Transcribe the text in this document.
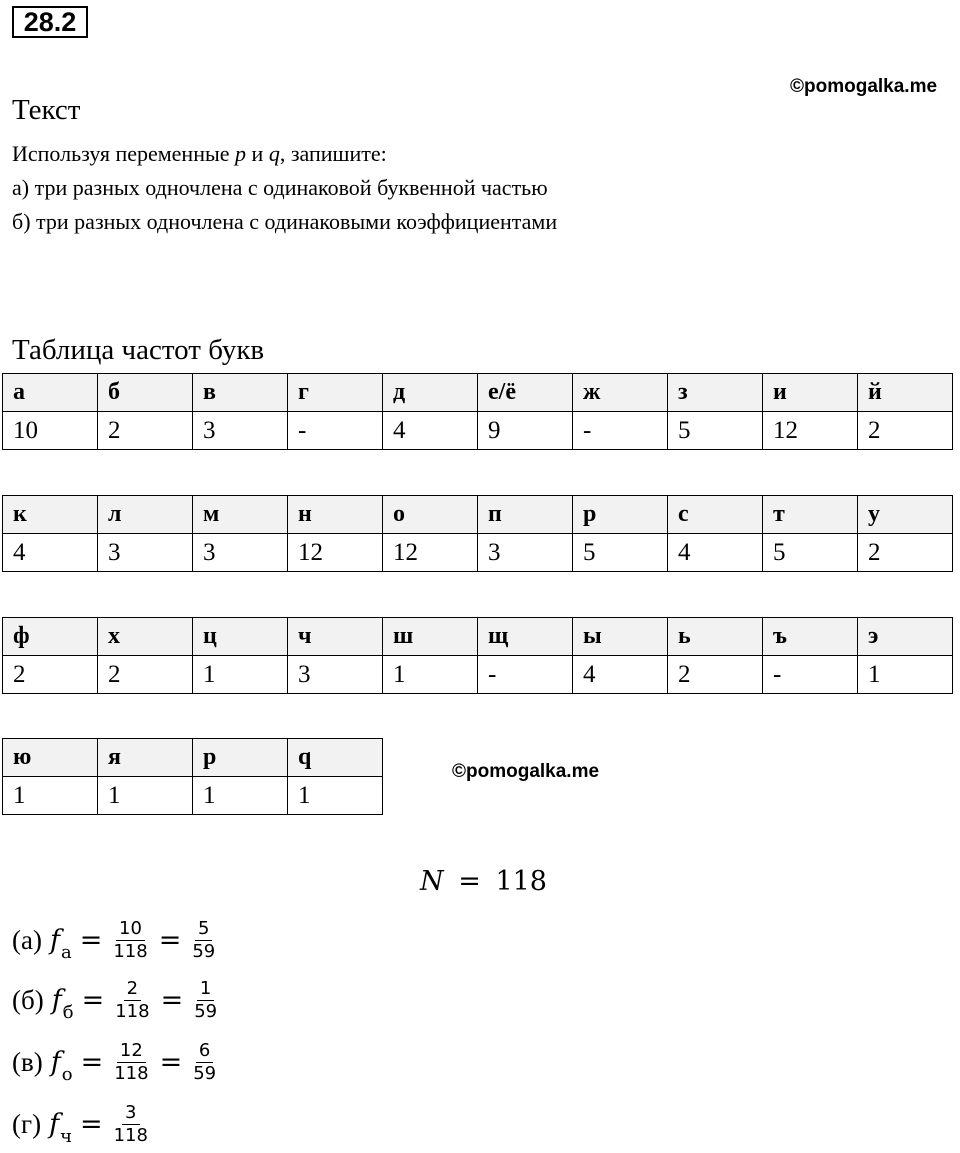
28.2
©pomogalka.me
Текст
Используя переменные p и q, запишите:
а) три разных одночлена с одинаковой буквенной частью
б) три разных одночлена с одинаковыми коэффициентами
Таблица частот букв
а	б	в	г	д	е/ё	ж	з	и	й
10	2	3	-	4	9	-	5	12	2
к	л	м	н	о	п	р	с	т	у
4	3	3	12	12	3	5	4	5	2
ф	х	ц	ч	ш	щ	ы	ь	ъ	э
2	2	1	3	1	-	4	2	-	1
ю	я	p	q
1	1	1	1
©pomogalka.me
N = 118
(а) $f_а = \frac{10}{118} = \frac{5}{59}$
(б) $f_б = \frac{2}{118} = \frac{1}{59}$
(в) $f_о = \frac{12}{118} = \frac{6}{59}$
(г) $f_ч = \frac{3}{118}$
